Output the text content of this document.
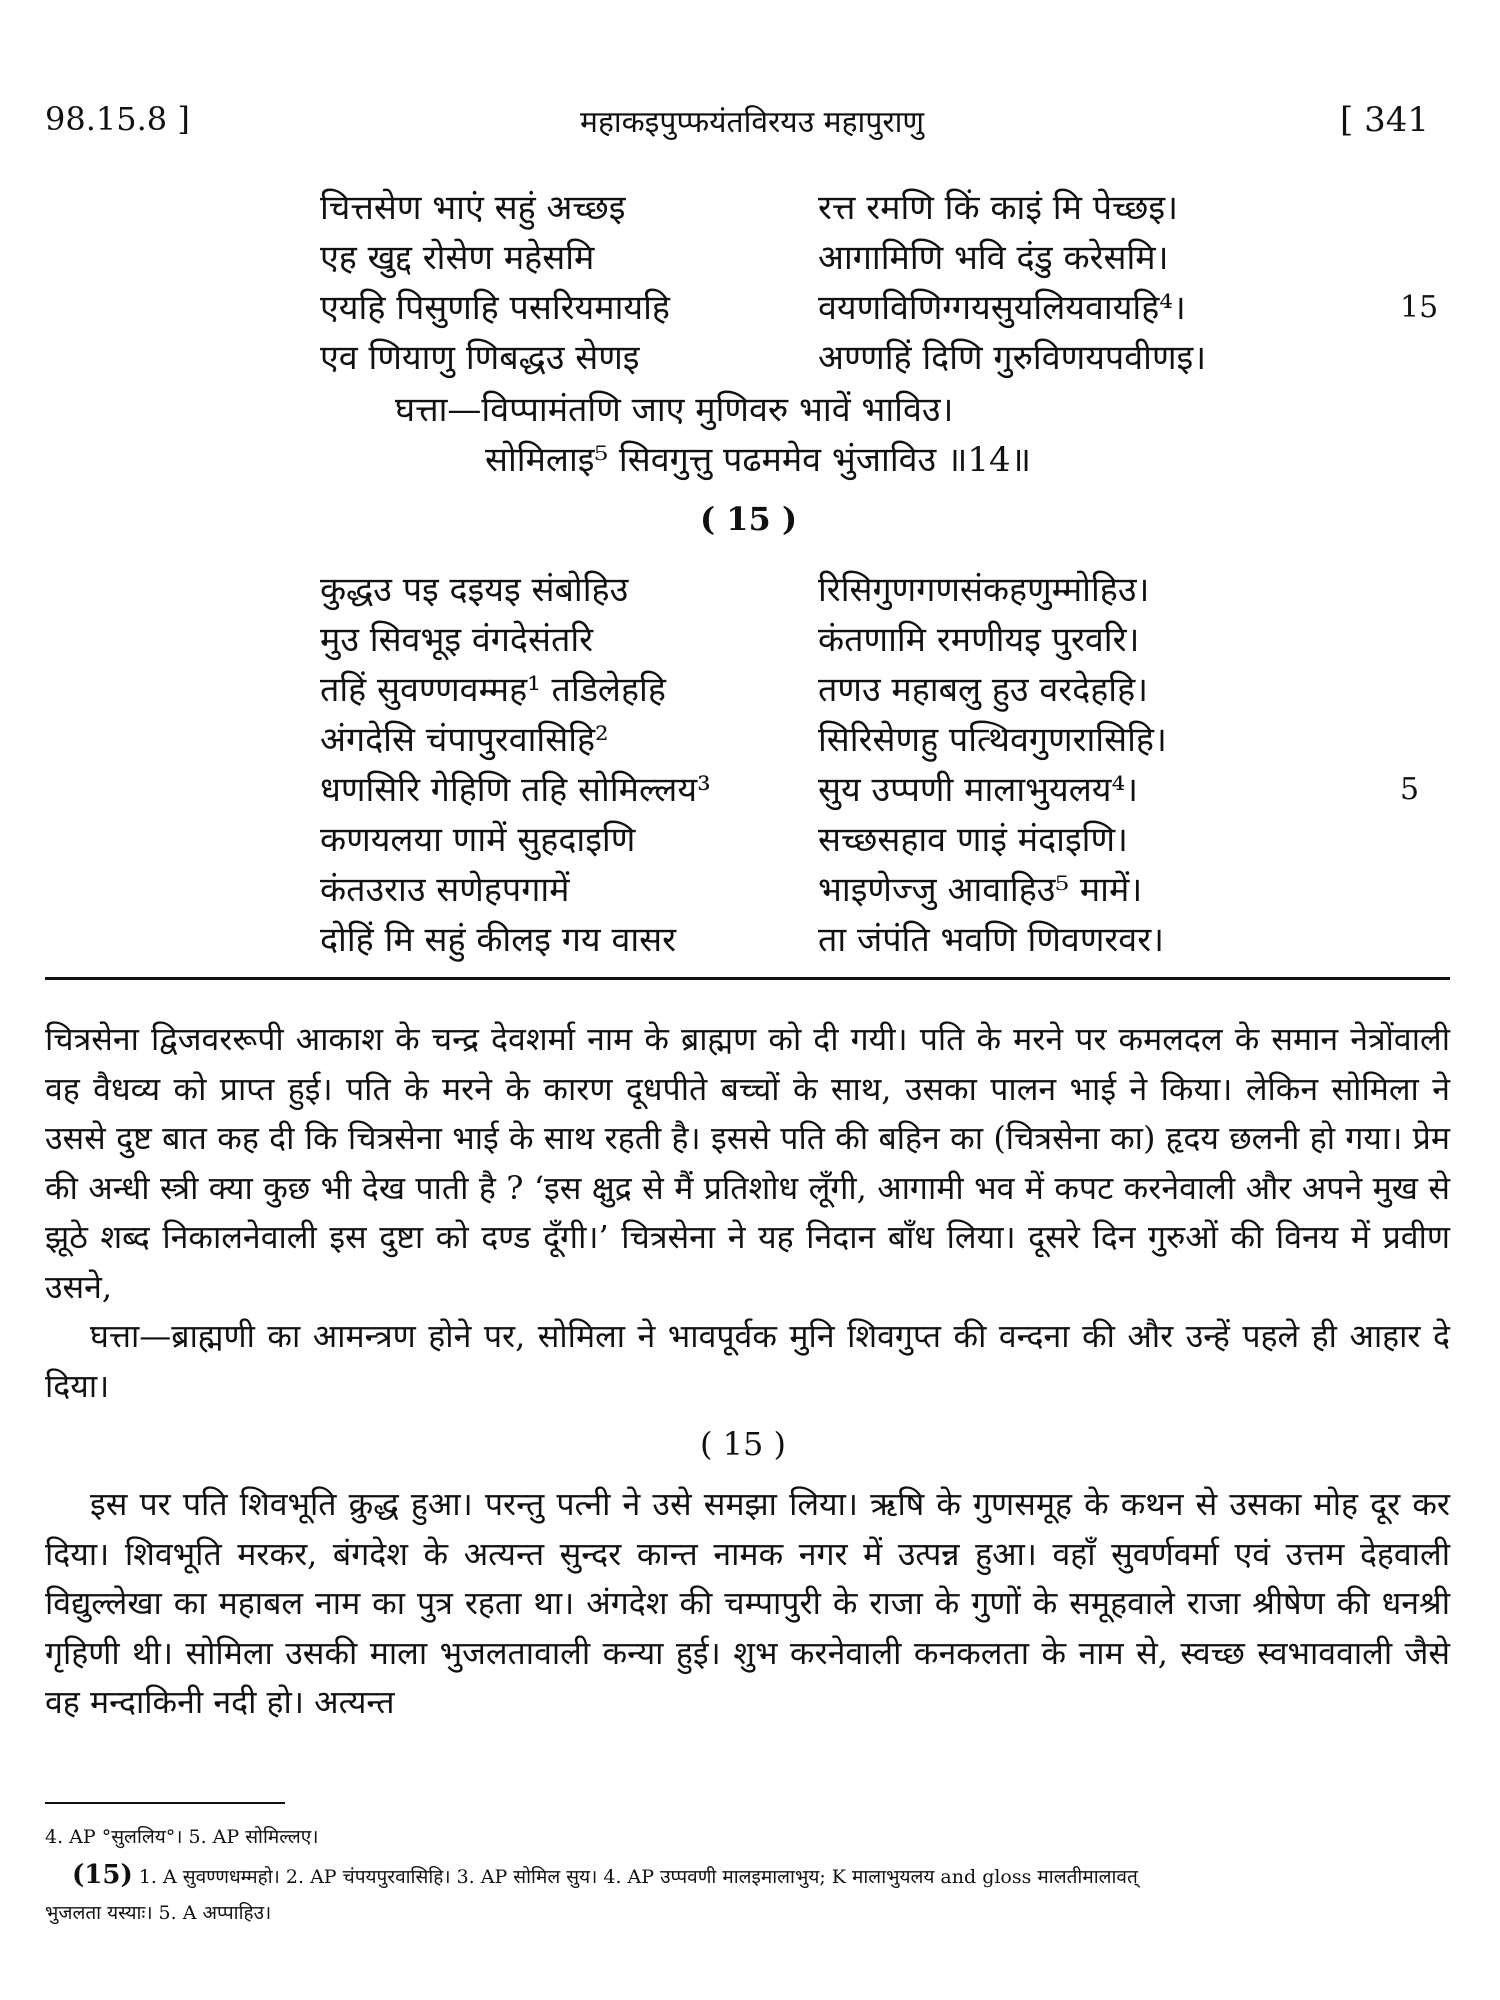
98.15.8 ]	महाकइपुप्फयंतविरयउ महापुराणु	[ 341
चित्तसेण भाएं सहुं अच्छइ	रत्त रमणि किं काइं मि पेच्छइ।
एह खुद्द रोसेण महेसमि	आगामिणि भवि दंडु करेसमि।
एयहि पिसुणहि पसरियमायहि	वयणविणिग्गयसुयलियवायहि⁴।	15
एव णियाणु णिबद्धउ सेणइ	अण्णहिं दिणि गुरुविणयपवीणइ।
घत्ता—विप्पामंतणि जाए मुणिवरु भावें भाविउ।
सोमिलाइ⁵ सिवगुत्तु पढममेव भुंजाविउ ॥14॥
( 15 )
कुद्धउ पइ दइयइ संबोहिउ	रिसिगुणगणसंकहणुम्मोहिउ।
मुउ सिवभूइ वंगदेसंतरि	कंतणामि रमणीयइ पुरवरि।
तहिं सुवण्णवम्मह¹ तडिलेहहि	तणउ महाबलु हुउ वरदेहहि।
अंगदेसि चंपापुरवासिहि²	सिरिसेणहु पत्थिवगुणरासिहि।
धणसिरि गेहिणि तहि सोमिल्लय³	सुय उप्पणी मालाभुयलय⁴।	5
कणयलया णामें सुहदाइणि	सच्छसहाव णाइं मंदाइणि।
कंतउराउ सणेहपगामें	भाइणेज्जु आवाहिउ⁵ मामें।
दोहिं मि सहुं कीलइ गय वासर	ता जंपंति भवणि णिवणरवर।

चित्रसेना द्विजवररूपी आकाश के चन्द्र देवशर्मा नाम के ब्राह्मण को दी गयी। पति के मरने पर कमलदल के समान नेत्रोंवाली वह वैधव्य को प्राप्त हुई। पति के मरने के कारण दूधपीते बच्चों के साथ, उसका पालन भाई ने किया। लेकिन सोमिला ने उससे दुष्ट बात कह दी कि चित्रसेना भाई के साथ रहती है। इससे पति की बहिन का (चित्रसेना का) हृदय छलनी हो गया। प्रेम की अन्धी स्त्री क्या कुछ भी देख पाती है ? ‘इस क्षुद्र से मैं प्रतिशोध लूँगी, आगामी भव में कपट करनेवाली और अपने मुख से झूठे शब्द निकालनेवाली इस दुष्टा को दण्ड दूँगी।’ चित्रसेना ने यह निदान बाँध लिया। दूसरे दिन गुरुओं की विनय में प्रवीण उसने,

घत्ता—ब्राह्मणी का आमन्त्रण होने पर, सोमिला ने भावपूर्वक मुनि शिवगुप्त की वन्दना की और उन्हें पहले ही आहार दे दिया।

( 15 )
इस पर पति शिवभूति क्रुद्ध हुआ। परन्तु पत्नी ने उसे समझा लिया। ऋषि के गुणसमूह के कथन से उसका मोह दूर कर दिया। शिवभूति मरकर, बंगदेश के अत्यन्त सुन्दर कान्त नामक नगर में उत्पन्न हुआ। वहाँ सुवर्णवर्मा एवं उत्तम देहवाली विद्युल्लेखा का महाबल नाम का पुत्र रहता था। अंगदेश की चम्पापुरी के राजा के गुणों के समूहवाले राजा श्रीषेण की धनश्री गृहिणी थी। सोमिला उसकी माला भुजलतावाली कन्या हुई। शुभ करनेवाली कनकलता के नाम से, स्वच्छ स्वभाववाली जैसे वह मन्दाकिनी नदी हो। अत्यन्त
4. AP °सुललिय°। 5. AP सोमिल्लए।
(15) 1. A सुवण्णधम्महो। 2. AP चंपयपुरवासिहि। 3. AP सोमिल सुय। 4. AP उप्पवणी मालइमालाभुय; K मालाभुयलय and gloss मालतीमालावत्
भुजलता यस्याः। 5. A अप्पाहिउ।
